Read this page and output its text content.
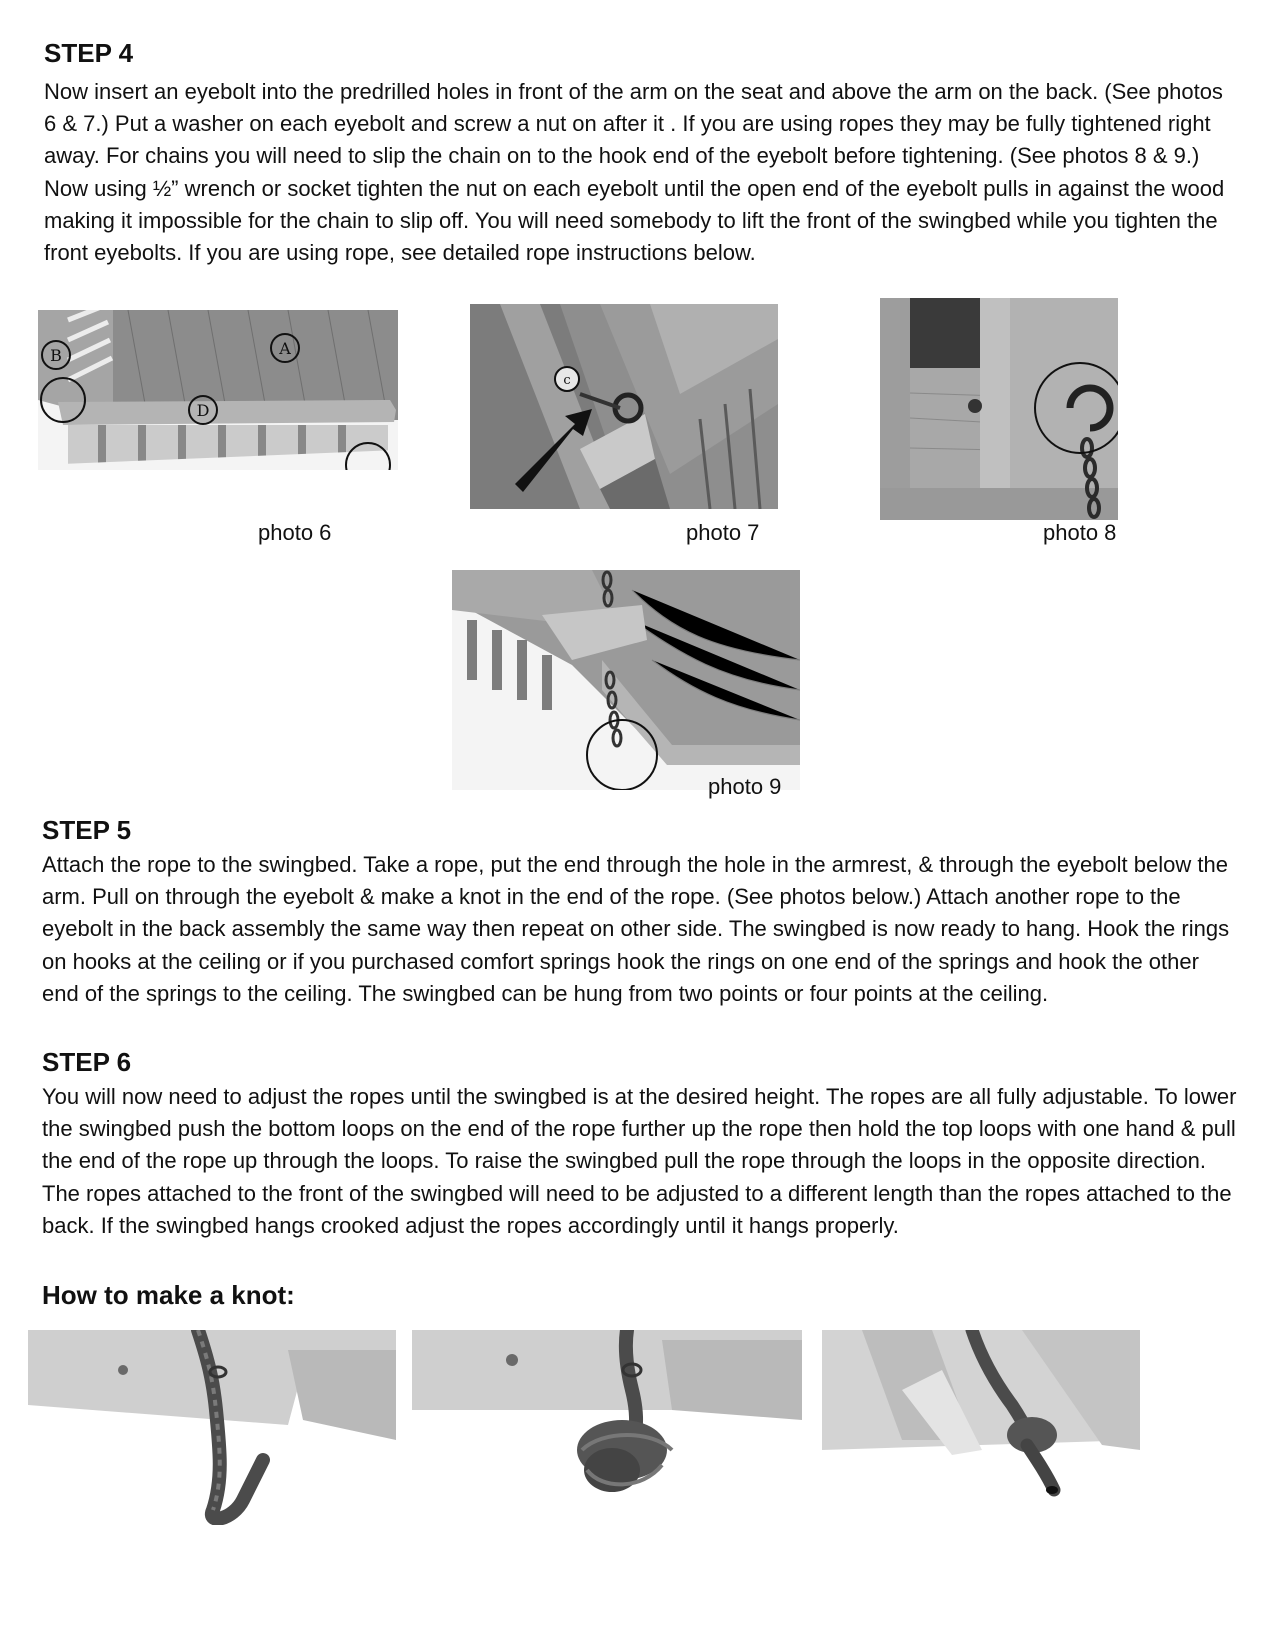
STEP 4

Now insert an eyebolt into the predrilled holes in front of the arm on the seat and above the arm on the back. (See photos 6 & 7.) Put a washer on each eyebolt and screw a nut on after it . If you are using ropes they may be fully tightened right away. For chains you will need to slip the chain on to the hook end of the eyebolt before tightening. (See photos 8 & 9.) Now using ½” wrench or socket tighten the nut on each eyebolt until the open end of the eyebolt pulls in against the wood making it impossible for the chain to slip off. You will need somebody to lift the front of the swingbed while you tighten the front eyebolts. If you are using rope, see detailed rope instructions below.

B	A
D

photo 6

c

photo 7	photo 8

photo 9

STEP 5

Attach the rope to the swingbed. Take a rope, put the end through the hole in the armrest, & through the eyebolt below the arm. Pull on through the eyebolt & make a knot in the end of the rope. (See photos below.) Attach another rope to the eyebolt in the back assembly the same way then repeat on other side. The swingbed is now ready to hang. Hook the rings on hooks at the ceiling or if you purchased comfort springs hook the rings on one end of the springs and hook the other end of the springs to the ceiling. The swingbed can be hung from two points or four points at the ceiling.

STEP 6

You will now need to adjust the ropes until the swingbed is at the desired height. The ropes are all fully adjustable. To lower the swingbed push the bottom loops on the end of the rope further up the rope then hold the top loops with one hand & pull the end of the rope up through the loops. To raise the swingbed pull the rope through the loops in the opposite direction. The ropes attached to the front of the swingbed will need to be adjusted to a different length than the ropes attached to the back. If the swingbed hangs crooked adjust the ropes accordingly until it hangs properly.

How to make a knot:
